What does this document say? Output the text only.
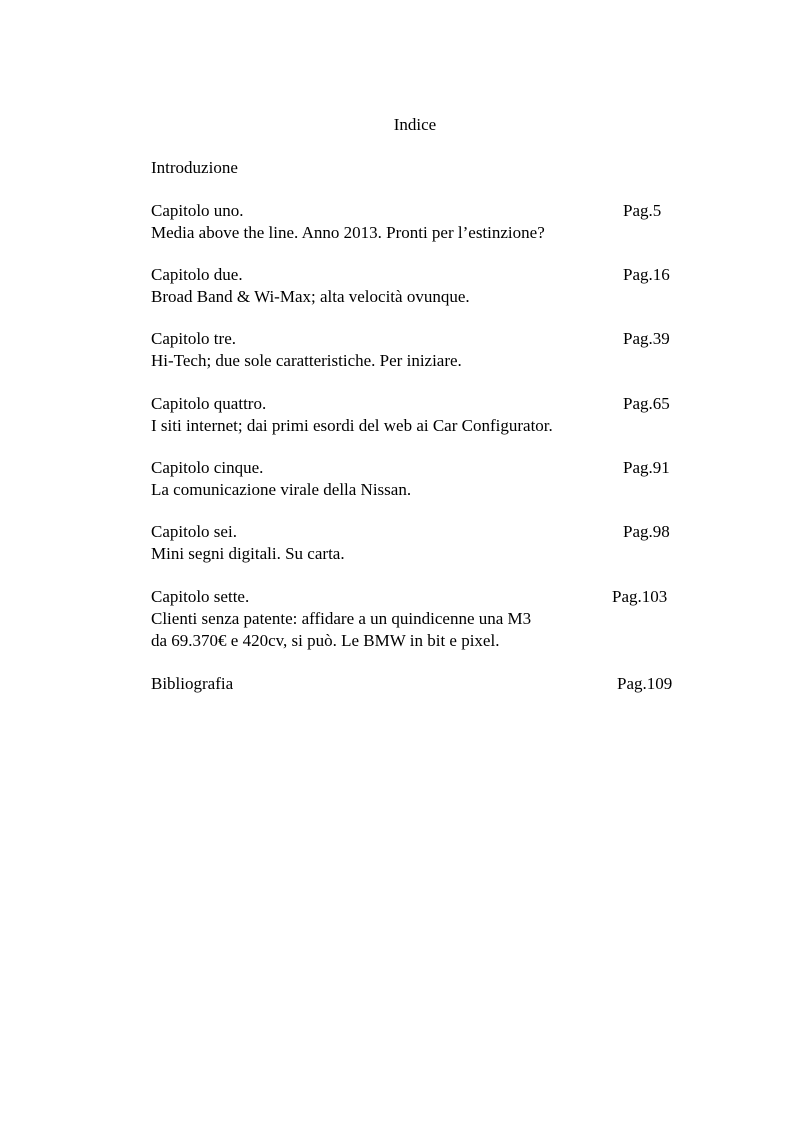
Indice
Introduzione
Capitolo uno.	Pag.5
Media above the line. Anno 2013. Pronti per l’estinzione?
Capitolo due.	Pag.16
Broad Band & Wi-Max; alta velocità ovunque.
Capitolo tre.	Pag.39
Hi-Tech; due sole caratteristiche. Per iniziare.
Capitolo quattro.	Pag.65
I siti internet; dai primi esordi del web ai Car Configurator.
Capitolo cinque.	Pag.91
La comunicazione virale della Nissan.
Capitolo sei.	Pag.98
Mini segni digitali. Su carta.
Capitolo sette.	Pag.103
Clienti senza patente: affidare a un quindicenne una M3
da 69.370€ e 420cv, si può. Le BMW in bit e pixel.
Bibliografia	Pag.109
